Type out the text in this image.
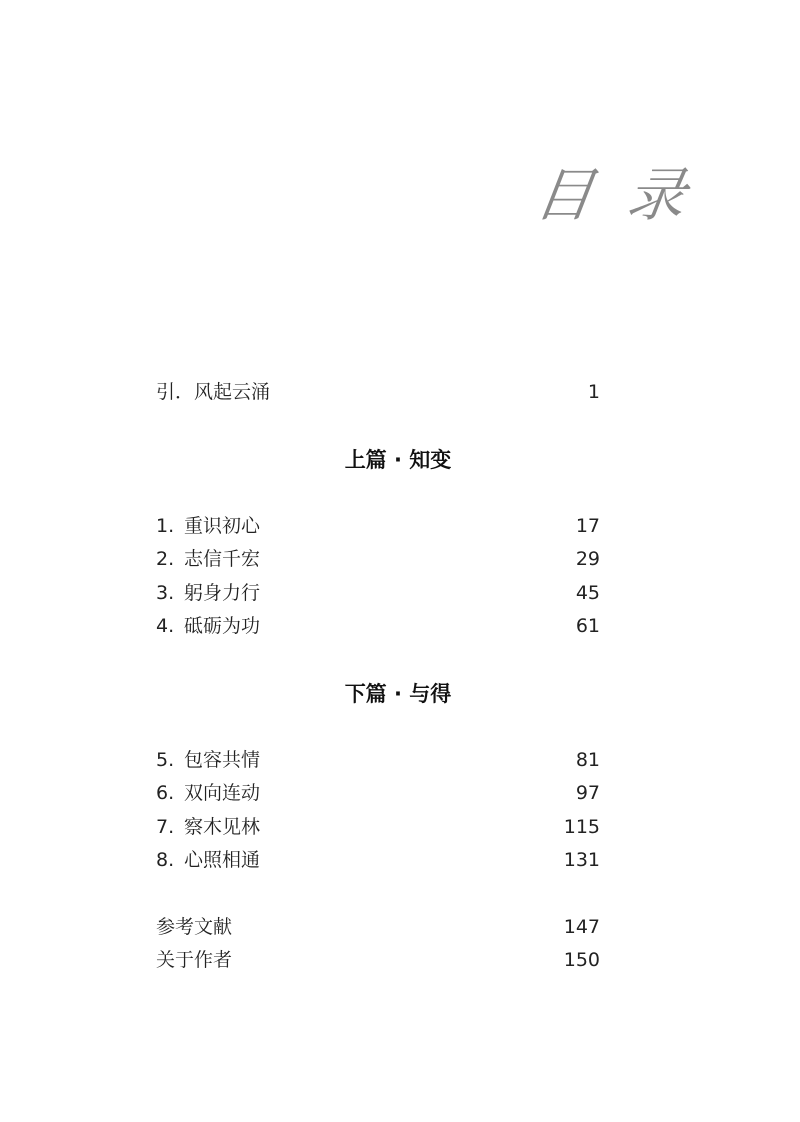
目 录
引．风起云涌	1
上篇 · 知变
1. 重识初心	17
2. 志信千宏	29
3. 躬身力行	45
4. 砥砺为功	61
下篇 · 与得
5. 包容共情	81
6. 双向连动	97
7. 察木见林	115
8. 心照相通	131
参考文献	147
关于作者	150
